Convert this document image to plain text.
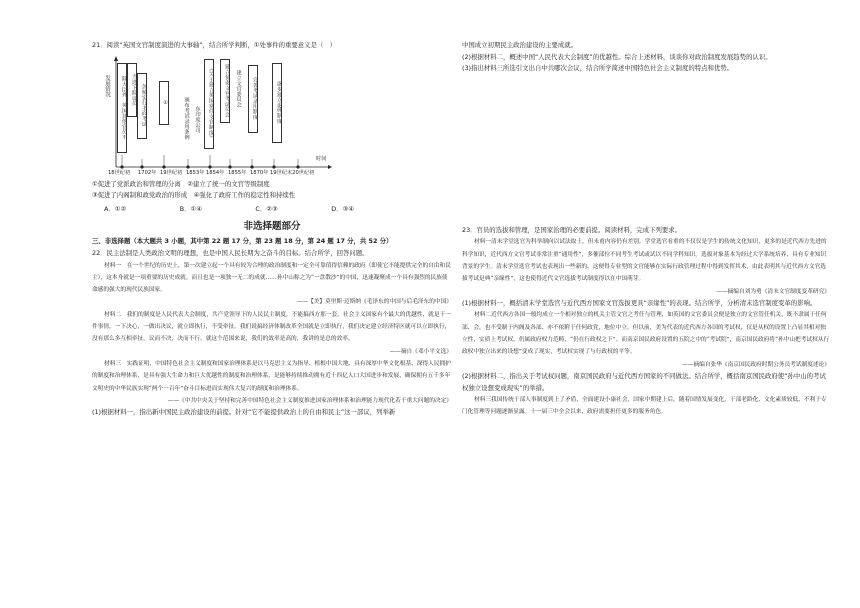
21．阅读“英国文官制度演进的大事轴”，结合所学判断，①处事件的重要意义是（　）

发展情况
时间
除大臣外，英国其他官员不 当选下院议员 剑桥实行书面考试	①	颁布考试录用条例 东印度公司	《关于建立英国常任文官制度》	建立负责文官考试员会	建立文官委员会	完善考试录用制度	逐步建立退休制度
18世纪初 1702年 19世纪初 1853年 1854年 1855年 1870年 19世纪末20世纪初

①促进了党派政治和管理的分离　②建立了统一的文官等级制度

③促进了内阁制和政党政治的形成　④强化了政府工作的稳定性和持续性

A．①②	B．①④	C．②③	D．③④

非选择题部分

三、非选择题（本大题共 3 小题，其中第 22 题 17 分，第 23 题 18 分，第 24 题 17 分，共 52 分）

22．民主法制是人类政治文明的理想，也是中国人民长期为之奋斗的目标。结合所学，回答问题。

材料一　在一个世纪的历史上，第一次建立起一个具有较为合理的政治制度和一定全可靠值得信赖的政府（即使它不能提供完全的自由和民主），这本身就是一项重要的历史成就。而且也是一项独一无二的成就……孙中山称之为“一盘散沙”的中国，迅速凝聚成一个具有强烈的民族使命感的强大的现代民族国家。

——【美】莫里斯·迈斯纳《毛泽东的中国与后毛泽东的中国》

材料二　我们的制度是人民代表大会制度，共产党领导下的人民民主制度，不能搞西方那一套。社会主义国家有个最大的优越性，就是干一件事情，一下决心，一做出决议，就立即执行，不受牵扯。我们说搞经济体制改革全国就是立即执行，我们决定建立经济特区就可以立即执行，没有那么多互相牵扯，议而不决，决而不行。就这个范围来说，我们的效率是高的，我讲的是总的效率。

——摘自《邓小平文选》

材料三　实践证明，中国特色社会主义制度和国家治理体系是以马克思主义为指导、植根中国大地、具有深厚中华文化根基、深得人民拥护的制度和治理体系，是具有强大生命力和巨大优越性的制度和治理体系，是能够持续推动拥有近十四亿人口大国进步和发展、确保拥有五千多年文明史的中华民族实现“两个一百年”奋斗目标进而实现伟大复兴的制度和治理体系。

——《中共中央关于坚持和完善中国特色社会主义制度推进国家治理体系和治理能力现代化若干重大问题的决定》

(1)根据材料一，指出新中国民主政治建设的前提。针对“它不能提供政治上的自由和民主”这一部议，列举新

中国成立初期民主政治建设的主要成就。

(2)根据材料二，概述中国“人民代表大会制度”的优越性。综合上述材料，谈谈你对政治制度发展趋势的认识。

(3)指出材料三所选引文出自中共哪次会议，结合所学简述中国特色社会主义制度的特点和优势。

23．官员的选拔和管理，是国家治理的必要前提。阅读材料，完成下列要求。

材料一清末学堂选官为科举制向以试法取士，但未甫内容仍有差别。学堂选官看重的不仅仅是学生的传统文化知识，更多的是近代西方先进的科学知识，近代西方文官考试非常注重“通用性”，多催部位不同考生考试或试以不同学科知识。选拔对象基本为经过大学系统培养、具有专业知识背景的学生。清末学堂选官考试也表现出一些新的、这便得专业型的文官能够在实际行政管理过程中得到发挥其术，由此表明其与近代西方文官选拔考试是典“亲缘性”，这也使得近代文官选拔考试制度得以在中国萌芽。

——摘编自刘为勇《清末文官制度变革研究》

(1)根据材料一，概括清末学堂选官与近代西方国家文官选拔更具“亲缘性”的表现。结合所学，分析清末选官制度变革的影响。

材料二近代西方各国一般均成立一个相对独立的机关主管文官之考任与管理，如英国的文官委员会便是独立的文官管任机关，既不隶属于任何部、会，也不受制于内阁及各部、亦不依附于任何政党，地位中立。但以前，美为代表的近代西方各国的考试权，仅是从权的设置上凸显其相对独立性，实质上考试权，仍属政府权力范畴，“仍在行政权之下”。而南京国民政府设置的五院之中的“考试院”，南京国民政府将“孙中山把考试权从行政权中独立出来的设想”变成了现实，考试权实现了与行政权的平等。

——摘编自张华《南京国民政府时期公务员考试制度述论》

(2)根据材料二，指出关于考试权问题，南京国民政府与近代西方国家的不同做法。结合所学，概括南京国民政府使“孙中山的考试权独立设想变成现实”的举措。

材料三我国传统干部人事制度到上了矛盾，全面建设小康社会，国家中期建上后，随着国情发展变化，干部老龄化、文化素质较低、不利于专门化管理等问题逐渐显露。十一届三中全会以来，政府需要担任更多的服务角色。
